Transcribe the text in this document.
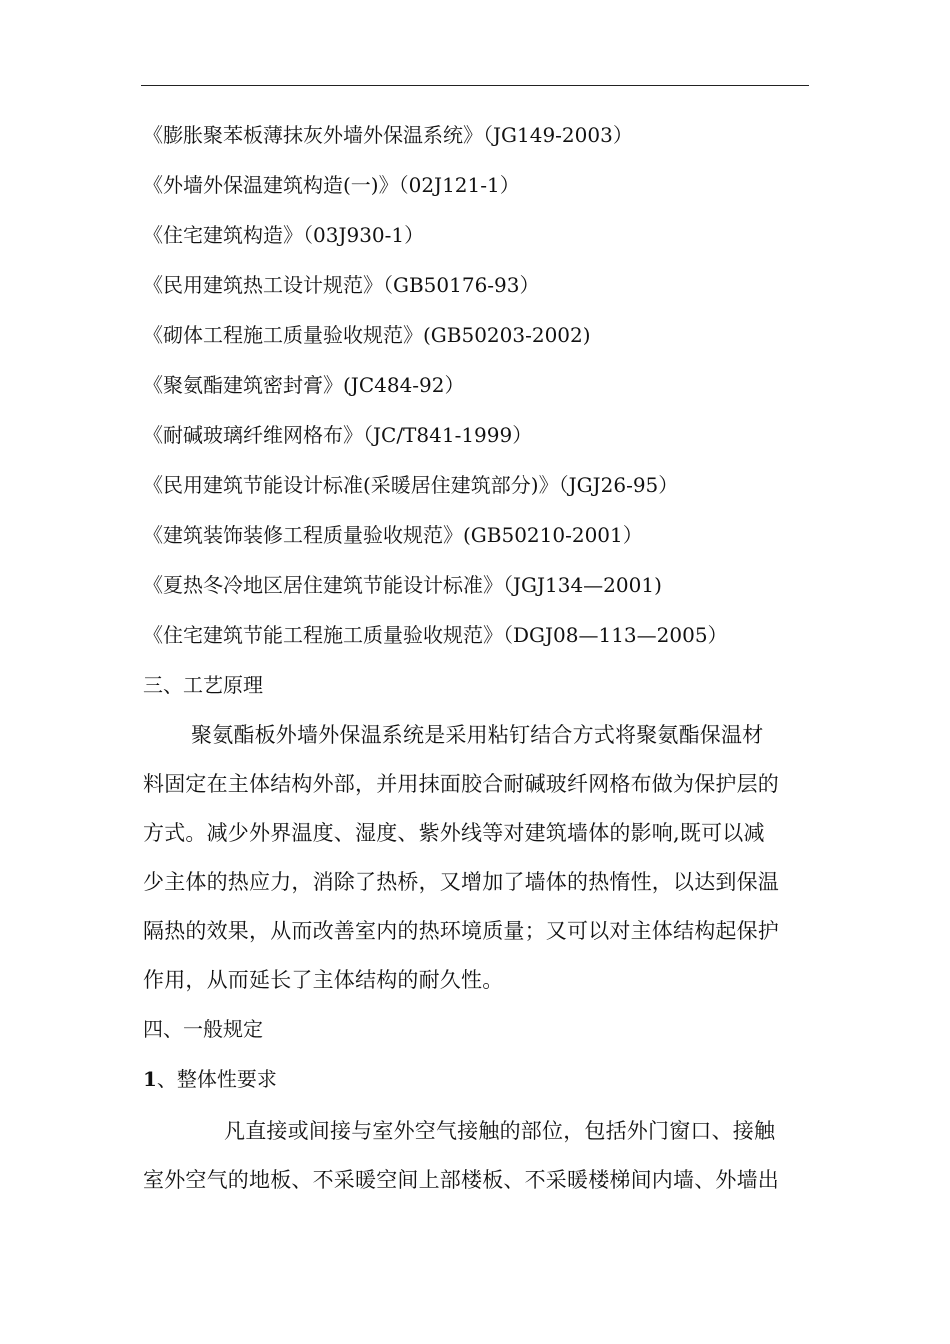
《膨胀聚苯板薄抹灰外墙外保温系统》（JG149-2003）
《外墙外保温建筑构造(一)》（02J121-1）
《住宅建筑构造》（03J930-1）
《民用建筑热工设计规范》（GB50176-93）
《砌体工程施工质量验收规范》(GB50203-2002)
《聚氨酯建筑密封膏》(JC484-92）
《耐碱玻璃纤维网格布》（JC/T841-1999）
《民用建筑节能设计标准(采暖居住建筑部分)》（JGJ26-95）
《建筑装饰装修工程质量验收规范》(GB50210-2001）
《夏热冬冷地区居住建筑节能设计标准》（JGJ134—2001)
《住宅建筑节能工程施工质量验收规范》（DGJ08—113—2005）
三、工艺原理
聚氨酯板外墙外保温系统是采用粘钉结合方式将聚氨酯保温材
料固定在主体结构外部，并用抹面胶合耐碱玻纤网格布做为保护层的
方式。减少外界温度、湿度、紫外线等对建筑墙体的影响,既可以减
少主体的热应力，消除了热桥，又增加了墙体的热惰性，以达到保温
隔热的效果，从而改善室内的热环境质量；又可以对主体结构起保护
作用，从而延长了主体结构的耐久性。
四、一般规定
1、整体性要求
凡直接或间接与室外空气接触的部位，包括外门窗口、接触
室外空气的地板、不采暖空间上部楼板、不采暖楼梯间内墙、外墙出
